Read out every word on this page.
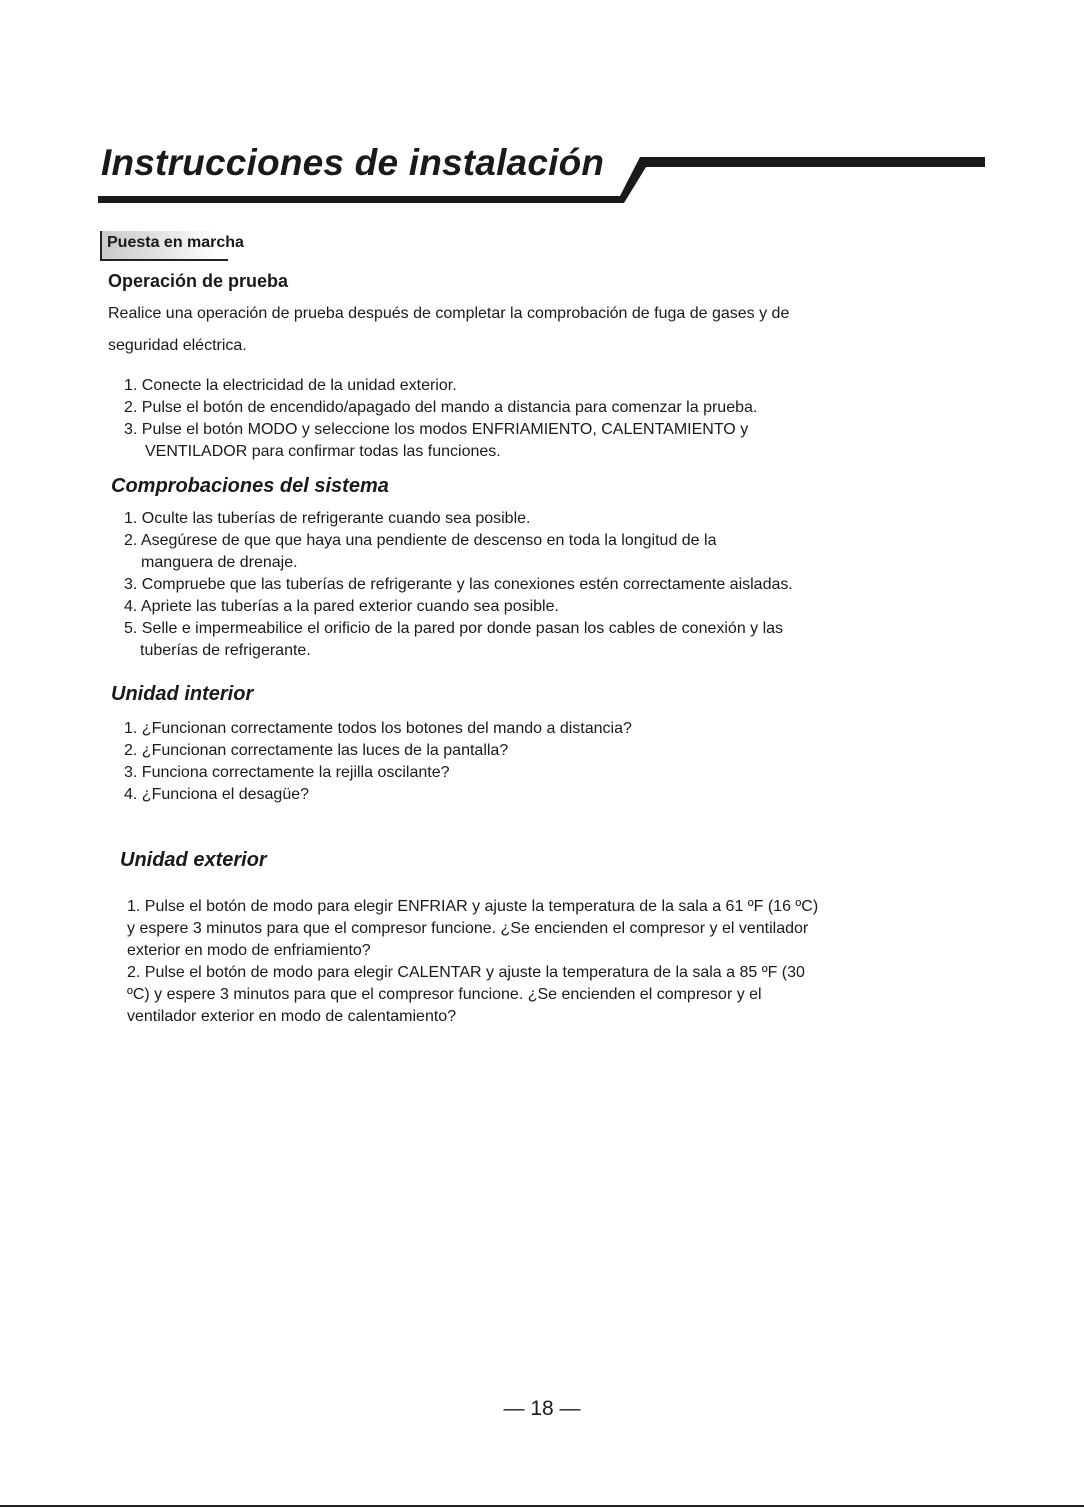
Instrucciones de instalación
Puesta en marcha
Operación de prueba

Realice una operación de prueba después de completar la comprobación de fuga de gases y de

seguridad eléctrica.

1. Conecte la electricidad de la unidad exterior.
2. Pulse el botón de encendido/apagado del mando a distancia para comenzar la prueba.
3. Pulse el botón MODO y seleccione los modos ENFRIAMIENTO, CALENTAMIENTO y
VENTILADOR para confirmar todas las funciones.
Comprobaciones del sistema
1. Oculte las tuberías de refrigerante cuando sea posible.
2. Asegúrese de que que haya una pendiente de descenso en toda la longitud de la
manguera de drenaje.
3. Compruebe que las tuberías de refrigerante y las conexiones estén correctamente aisladas.
4. Apriete las tuberías a la pared exterior cuando sea posible.
5. Selle e impermeabilice el orificio de la pared por donde pasan los cables de conexión y las
tuberías de refrigerante.
Unidad interior
1. ¿Funcionan correctamente todos los botones del mando a distancia?
2. ¿Funcionan correctamente las luces de la pantalla?
3. Funciona correctamente la rejilla oscilante?
4. ¿Funciona el desagüe?
Unidad exterior
1. Pulse el botón de modo para elegir ENFRIAR y ajuste la temperatura de la sala a 61 ºF (16 ºC)
y espere 3 minutos para que el compresor funcione. ¿Se encienden el compresor y el ventilador
exterior en modo de enfriamiento?
2. Pulse el botón de modo para elegir CALENTAR y ajuste la temperatura de la sala a 85 ºF (30
ºC) y espere 3 minutos para que el compresor funcione. ¿Se encienden el compresor y el
ventilador exterior en modo de calentamiento?
— 18 —
